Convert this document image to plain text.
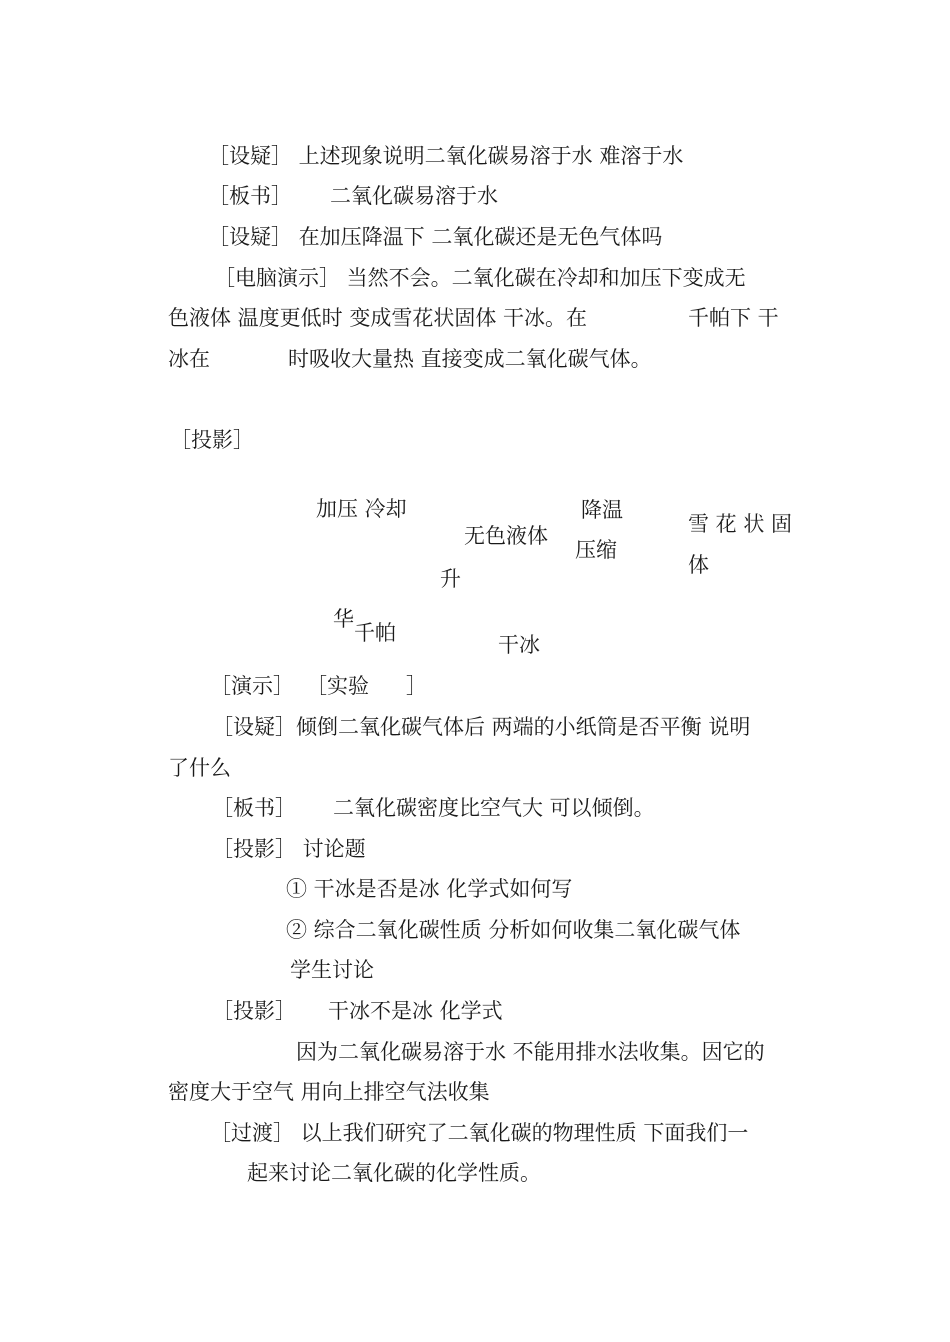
［设疑］ 上述现象说明二氧化碳易溶于水 难溶于水
［板书］ 二氧化碳易溶于水
［设疑］ 在加压降温下 二氧化碳还是无色气体吗
［电脑演示］ 当然不会。二氧化碳在冷却和加压下变成无
色液体 温度更低时 变成雪花状固体 干冰。在	千帕下 干
冰在	时吸收大量热 直接变成二氧化碳气体。
［投影］
加压 冷却
无色液体
降温
压缩
雪 花 状 固
体
升
华
千帕	干冰
［演示］ ［实验 ］
［设疑］倾倒二氧化碳气体后 两端的小纸筒是否平衡 说明
了什么
［板书］ 二氧化碳密度比空气大 可以倾倒。
［投影］ 讨论题
① 干冰是否是冰 化学式如何写
② 综合二氧化碳性质 分析如何收集二氧化碳气体
学生讨论
［投影］ 干冰不是冰 化学式
因为二氧化碳易溶于水 不能用排水法收集。因它的
密度大于空气 用向上排空气法收集
［过渡］ 以上我们研究了二氧化碳的物理性质 下面我们一
起来讨论二氧化碳的化学性质。
